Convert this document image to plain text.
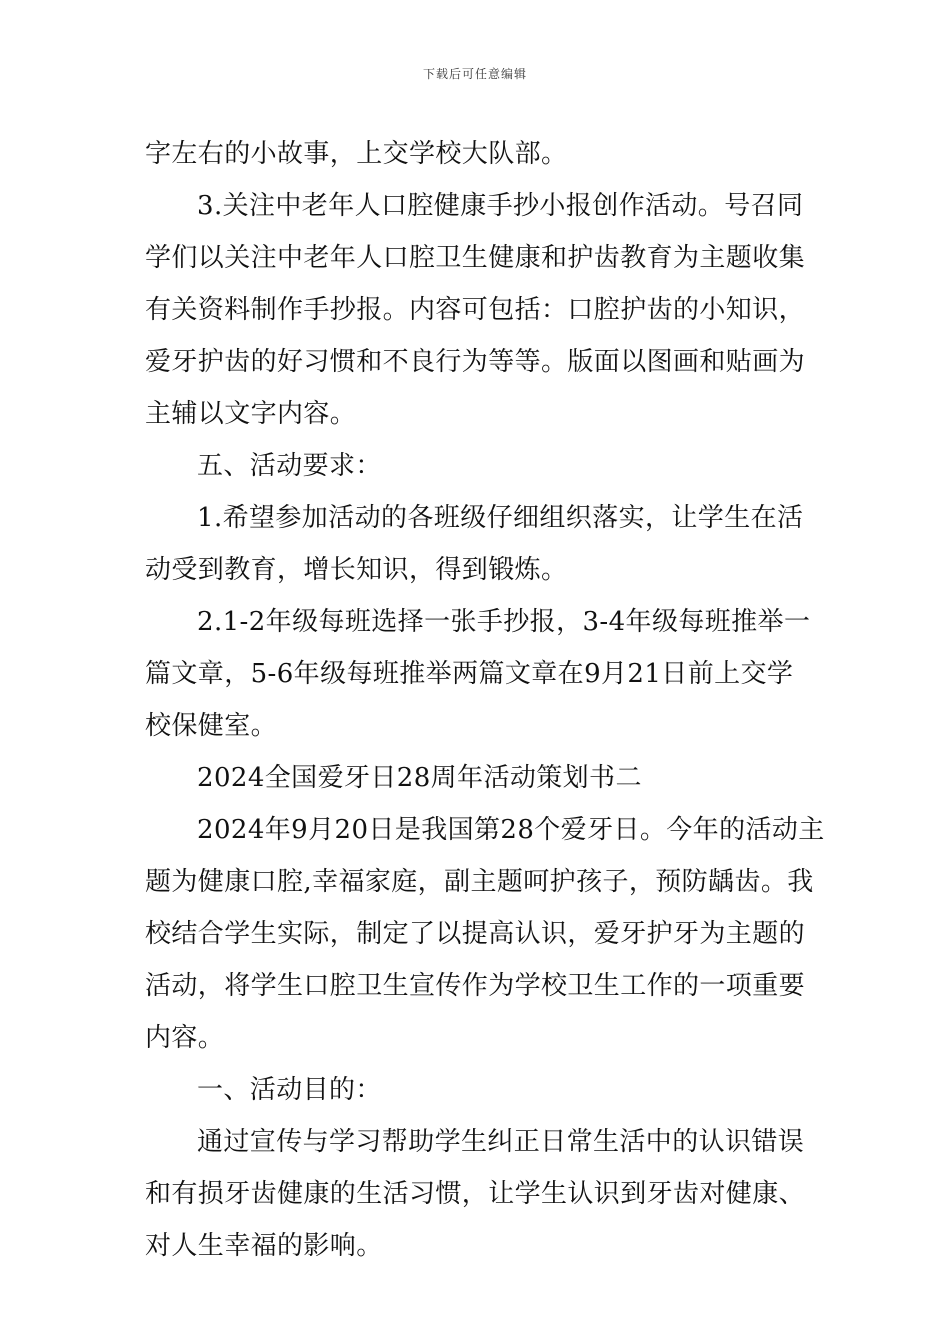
下载后可任意编辑
字左右的小故事，上交学校大队部。
3.关注中老年人口腔健康手抄小报创作活动。号召同
学们以关注中老年人口腔卫生健康和护齿教育为主题收集
有关资料制作手抄报。内容可包括：口腔护齿的小知识，
爱牙护齿的好习惯和不良行为等等。版面以图画和贴画为
主辅以文字内容。
五、活动要求：
1.希望参加活动的各班级仔细组织落实，让学生在活
动受到教育，增长知识，得到锻炼。
2.1-2年级每班选择一张手抄报，3-4年级每班推举一
篇文章，5-6年级每班推举两篇文章在9月21日前上交学
校保健室。
2024全国爱牙日28周年活动策划书二
2024年9月20日是我国第28个爱牙日。今年的活动主
题为健康口腔,幸福家庭，副主题呵护孩子，预防龋齿。我
校结合学生实际，制定了以提高认识，爱牙护牙为主题的
活动，将学生口腔卫生宣传作为学校卫生工作的一项重要
内容。
一、活动目的：
通过宣传与学习帮助学生纠正日常生活中的认识错误
和有损牙齿健康的生活习惯，让学生认识到牙齿对健康、
对人生幸福的影响。
